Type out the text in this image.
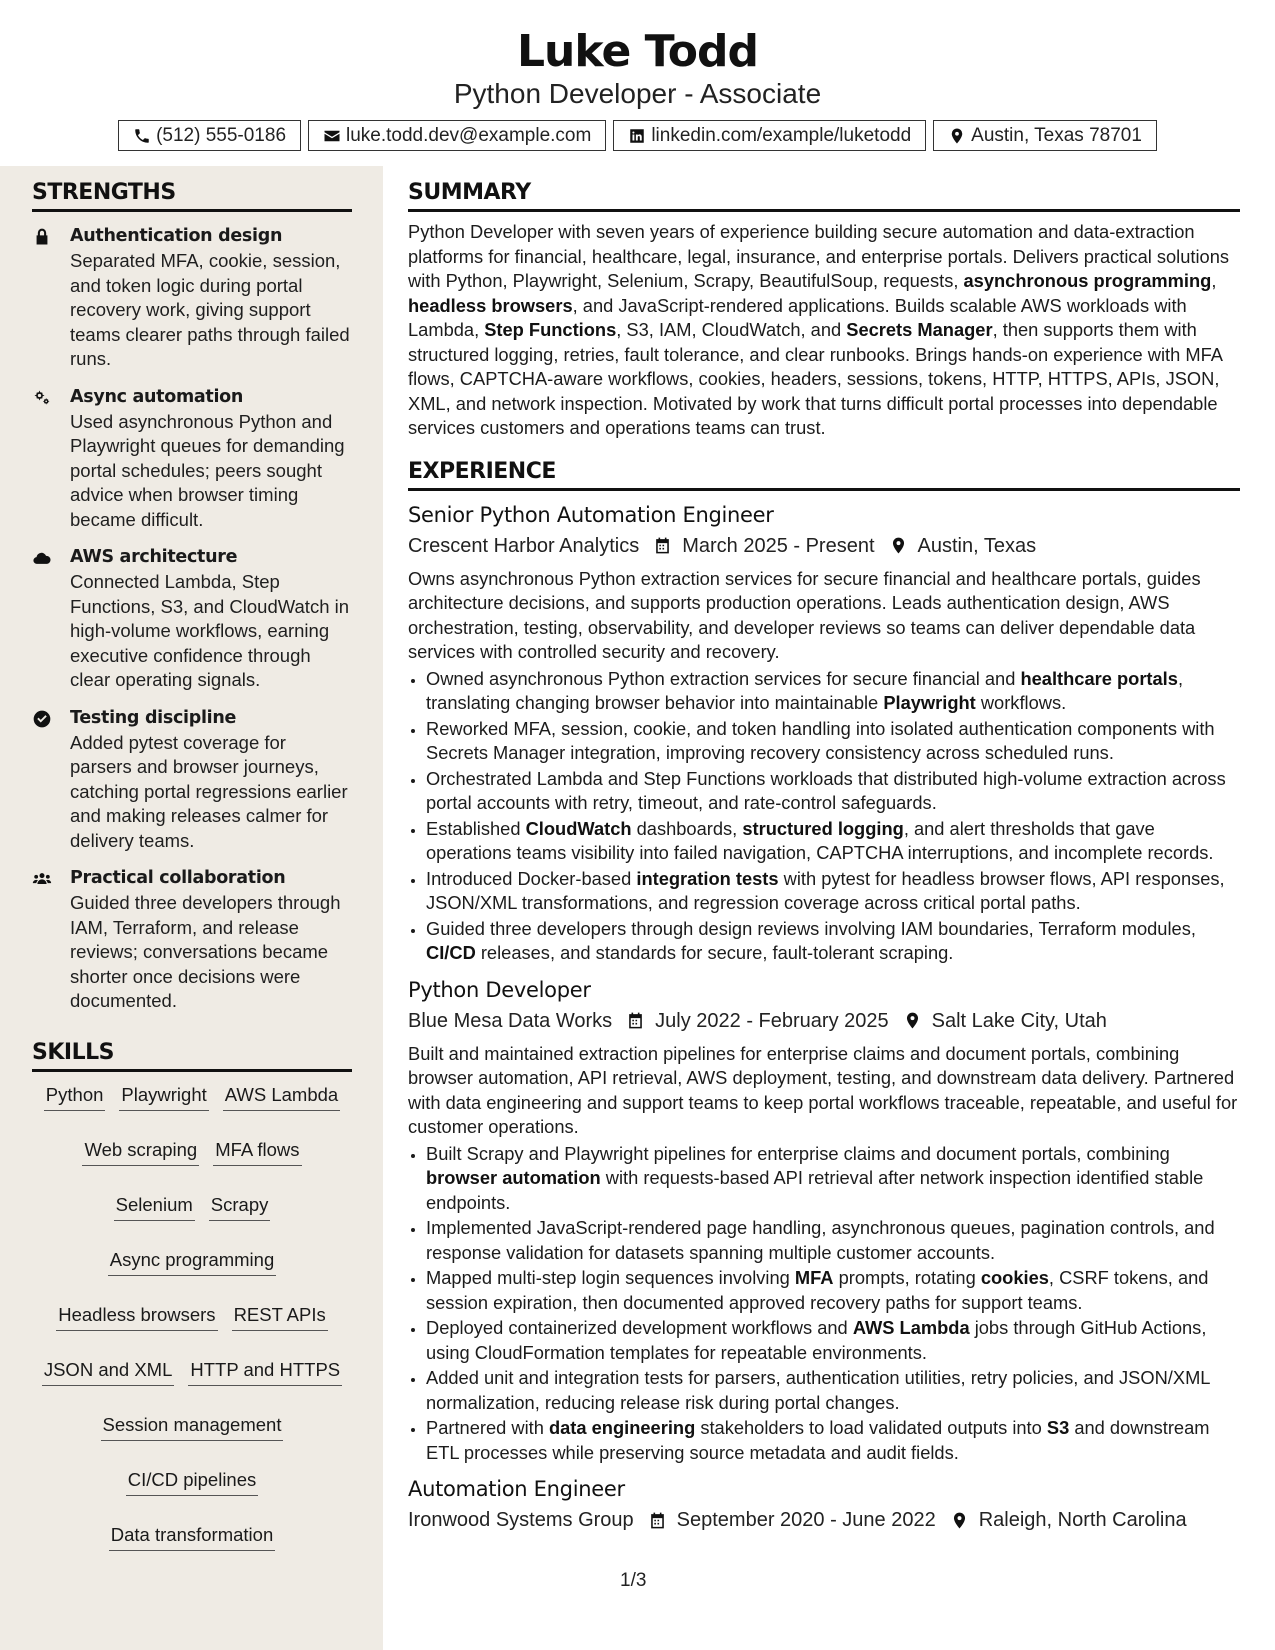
Luke Todd
Python Developer - Associate
(512) 555-0186	luke.todd.dev@example.com	linkedin.com/example/luketodd	Austin, Texas 78701
STRENGTHS
Authentication design
Separated MFA, cookie, session, and token logic during portal recovery work, giving support teams clearer paths through failed runs.
Async automation
Used asynchronous Python and Playwright queues for demanding portal schedules; peers sought advice when browser timing became difficult.
AWS architecture
Connected Lambda, Step Functions, S3, and CloudWatch in high-volume workflows, earning executive confidence through clear operating signals.
Testing discipline
Added pytest coverage for parsers and browser journeys, catching portal regressions earlier and making releases calmer for delivery teams.
Practical collaboration
Guided three developers through IAM, Terraform, and release reviews; conversations became shorter once decisions were documented.
SKILLS
Python Playwright AWS Lambda
Web scraping MFA flows
Selenium Scrapy
Async programming
Headless browsers REST APIs
JSON and XML HTTP and HTTPS
Session management
CI/CD pipelines
Data transformation
SUMMARY
Python Developer with seven years of experience building secure automation and data-extraction platforms for financial, healthcare, legal, insurance, and enterprise portals. Delivers practical solutions with Python, Playwright, Selenium, Scrapy, BeautifulSoup, requests, asynchronous programming, headless browsers, and JavaScript-rendered applications. Builds scalable AWS workloads with Lambda, Step Functions, S3, IAM, CloudWatch, and Secrets Manager, then supports them with structured logging, retries, fault tolerance, and clear runbooks. Brings hands-on experience with MFA flows, CAPTCHA-aware workflows, cookies, headers, sessions, tokens, HTTP, HTTPS, APIs, JSON, XML, and network inspection. Motivated by work that turns difficult portal processes into dependable services customers and operations teams can trust.
EXPERIENCE
Senior Python Automation Engineer
Crescent Harbor Analytics March 2025 - Present Austin, Texas
Owns asynchronous Python extraction services for secure financial and healthcare portals, guides architecture decisions, and supports production operations. Leads authentication design, AWS orchestration, testing, observability, and developer reviews so teams can deliver dependable data services with controlled security and recovery.
• Owned asynchronous Python extraction services for secure financial and healthcare portals, translating changing browser behavior into maintainable Playwright workflows.
• Reworked MFA, session, cookie, and token handling into isolated authentication components with Secrets Manager integration, improving recovery consistency across scheduled runs.
• Orchestrated Lambda and Step Functions workloads that distributed high-volume extraction across portal accounts with retry, timeout, and rate-control safeguards.
• Established CloudWatch dashboards, structured logging, and alert thresholds that gave operations teams visibility into failed navigation, CAPTCHA interruptions, and incomplete records.
• Introduced Docker-based integration tests with pytest for headless browser flows, API responses, JSON/XML transformations, and regression coverage across critical portal paths.
• Guided three developers through design reviews involving IAM boundaries, Terraform modules, CI/CD releases, and standards for secure, fault-tolerant scraping.
Python Developer
Blue Mesa Data Works July 2022 - February 2025 Salt Lake City, Utah
Built and maintained extraction pipelines for enterprise claims and document portals, combining browser automation, API retrieval, AWS deployment, testing, and downstream data delivery. Partnered with data engineering and support teams to keep portal workflows traceable, repeatable, and useful for customer operations.
• Built Scrapy and Playwright pipelines for enterprise claims and document portals, combining browser automation with requests-based API retrieval after network inspection identified stable endpoints.
• Implemented JavaScript-rendered page handling, asynchronous queues, pagination controls, and response validation for datasets spanning multiple customer accounts.
• Mapped multi-step login sequences involving MFA prompts, rotating cookies, CSRF tokens, and session expiration, then documented approved recovery paths for support teams.
• Deployed containerized development workflows and AWS Lambda jobs through GitHub Actions, using CloudFormation templates for repeatable environments.
• Added unit and integration tests for parsers, authentication utilities, retry policies, and JSON/XML normalization, reducing release risk during portal changes.
• Partnered with data engineering stakeholders to load validated outputs into S3 and downstream ETL processes while preserving source metadata and audit fields.
Automation Engineer
Ironwood Systems Group September 2020 - June 2022 Raleigh, North Carolina
1/3
